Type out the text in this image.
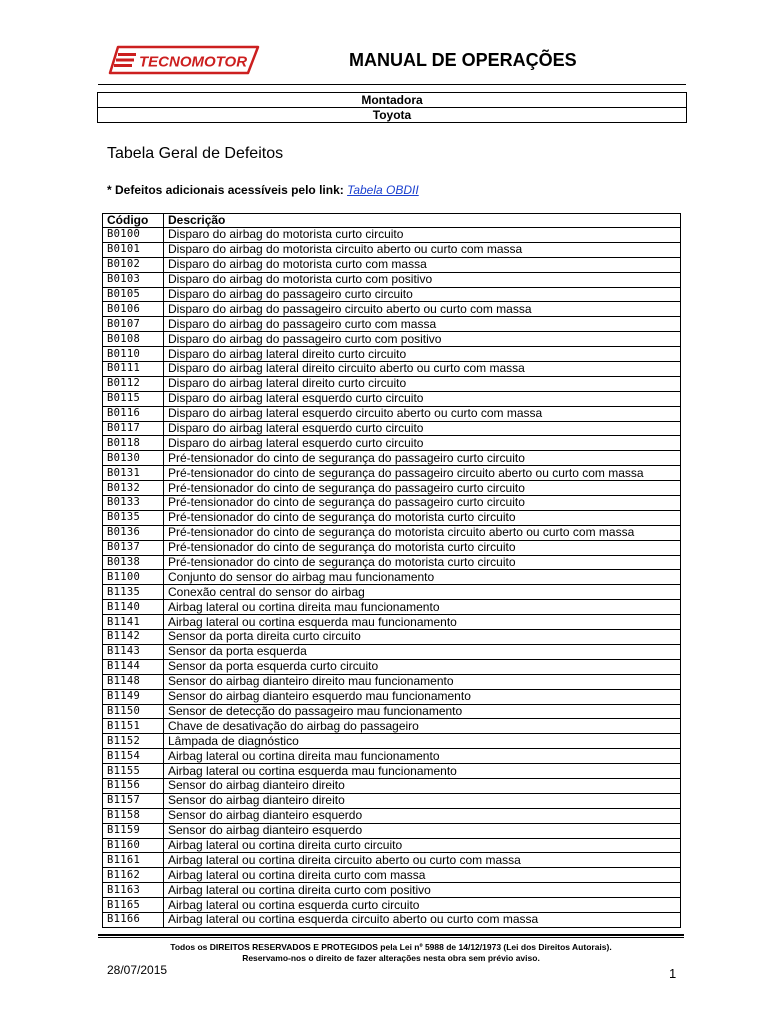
TECNOMOTOR	MANUAL DE OPERAÇÕES
Montadora
Toyota
Tabela Geral de Defeitos
* Defeitos adicionais acessíveis pelo link: Tabela OBDII
Código	Descrição
B0100	Disparo do airbag do motorista curto circuito
B0101	Disparo do airbag do motorista circuito aberto ou curto com massa
B0102	Disparo do airbag do motorista curto com massa
B0103	Disparo do airbag do motorista curto com positivo
B0105	Disparo do airbag do passageiro curto circuito
B0106	Disparo do airbag do passageiro circuito aberto ou curto com massa
B0107	Disparo do airbag do passageiro curto com massa
B0108	Disparo do airbag do passageiro curto com positivo
B0110	Disparo do airbag lateral direito curto circuito
B0111	Disparo do airbag lateral direito circuito aberto ou curto com massa
B0112	Disparo do airbag lateral direito curto circuito
B0115	Disparo do airbag lateral esquerdo curto circuito
B0116	Disparo do airbag lateral esquerdo circuito aberto ou curto com massa
B0117	Disparo do airbag lateral esquerdo curto circuito
B0118	Disparo do airbag lateral esquerdo curto circuito
B0130	Pré-tensionador do cinto de segurança do passageiro curto circuito
B0131	Pré-tensionador do cinto de segurança do passageiro circuito aberto ou curto com massa
B0132	Pré-tensionador do cinto de segurança do passageiro curto circuito
B0133	Pré-tensionador do cinto de segurança do passageiro curto circuito
B0135	Pré-tensionador do cinto de segurança do motorista curto circuito
B0136	Pré-tensionador do cinto de segurança do motorista circuito aberto ou curto com massa
B0137	Pré-tensionador do cinto de segurança do motorista curto circuito
B0138	Pré-tensionador do cinto de segurança do motorista curto circuito
B1100	Conjunto do sensor do airbag mau funcionamento
B1135	Conexão central do sensor do airbag
B1140	Airbag lateral ou cortina direita mau funcionamento
B1141	Airbag lateral ou cortina esquerda mau funcionamento
B1142	Sensor da porta direita curto circuito
B1143	Sensor da porta esquerda
B1144	Sensor da porta esquerda curto circuito
B1148	Sensor do airbag dianteiro direito mau funcionamento
B1149	Sensor do airbag dianteiro esquerdo mau funcionamento
B1150	Sensor de detecção do passageiro mau funcionamento
B1151	Chave de desativação do airbag do passageiro
B1152	Lâmpada de diagnóstico
B1154	Airbag lateral ou cortina direita mau funcionamento
B1155	Airbag lateral ou cortina esquerda mau funcionamento
B1156	Sensor do airbag dianteiro direito
B1157	Sensor do airbag dianteiro direito
B1158	Sensor do airbag dianteiro esquerdo
B1159	Sensor do airbag dianteiro esquerdo
B1160	Airbag lateral ou cortina direita curto circuito
B1161	Airbag lateral ou cortina direita circuito aberto ou curto com massa
B1162	Airbag lateral ou cortina direita curto com massa
B1163	Airbag lateral ou cortina direita curto com positivo
B1165	Airbag lateral ou cortina esquerda curto circuito
B1166	Airbag lateral ou cortina esquerda circuito aberto ou curto com massa
Todos os DIREITOS RESERVADOS E PROTEGIDOS pela Lei nº 5988 de 14/12/1973 (Lei dos Direitos Autorais).
Reservamo-nos o direito de fazer alterações nesta obra sem prévio aviso.
28/07/2015	1
